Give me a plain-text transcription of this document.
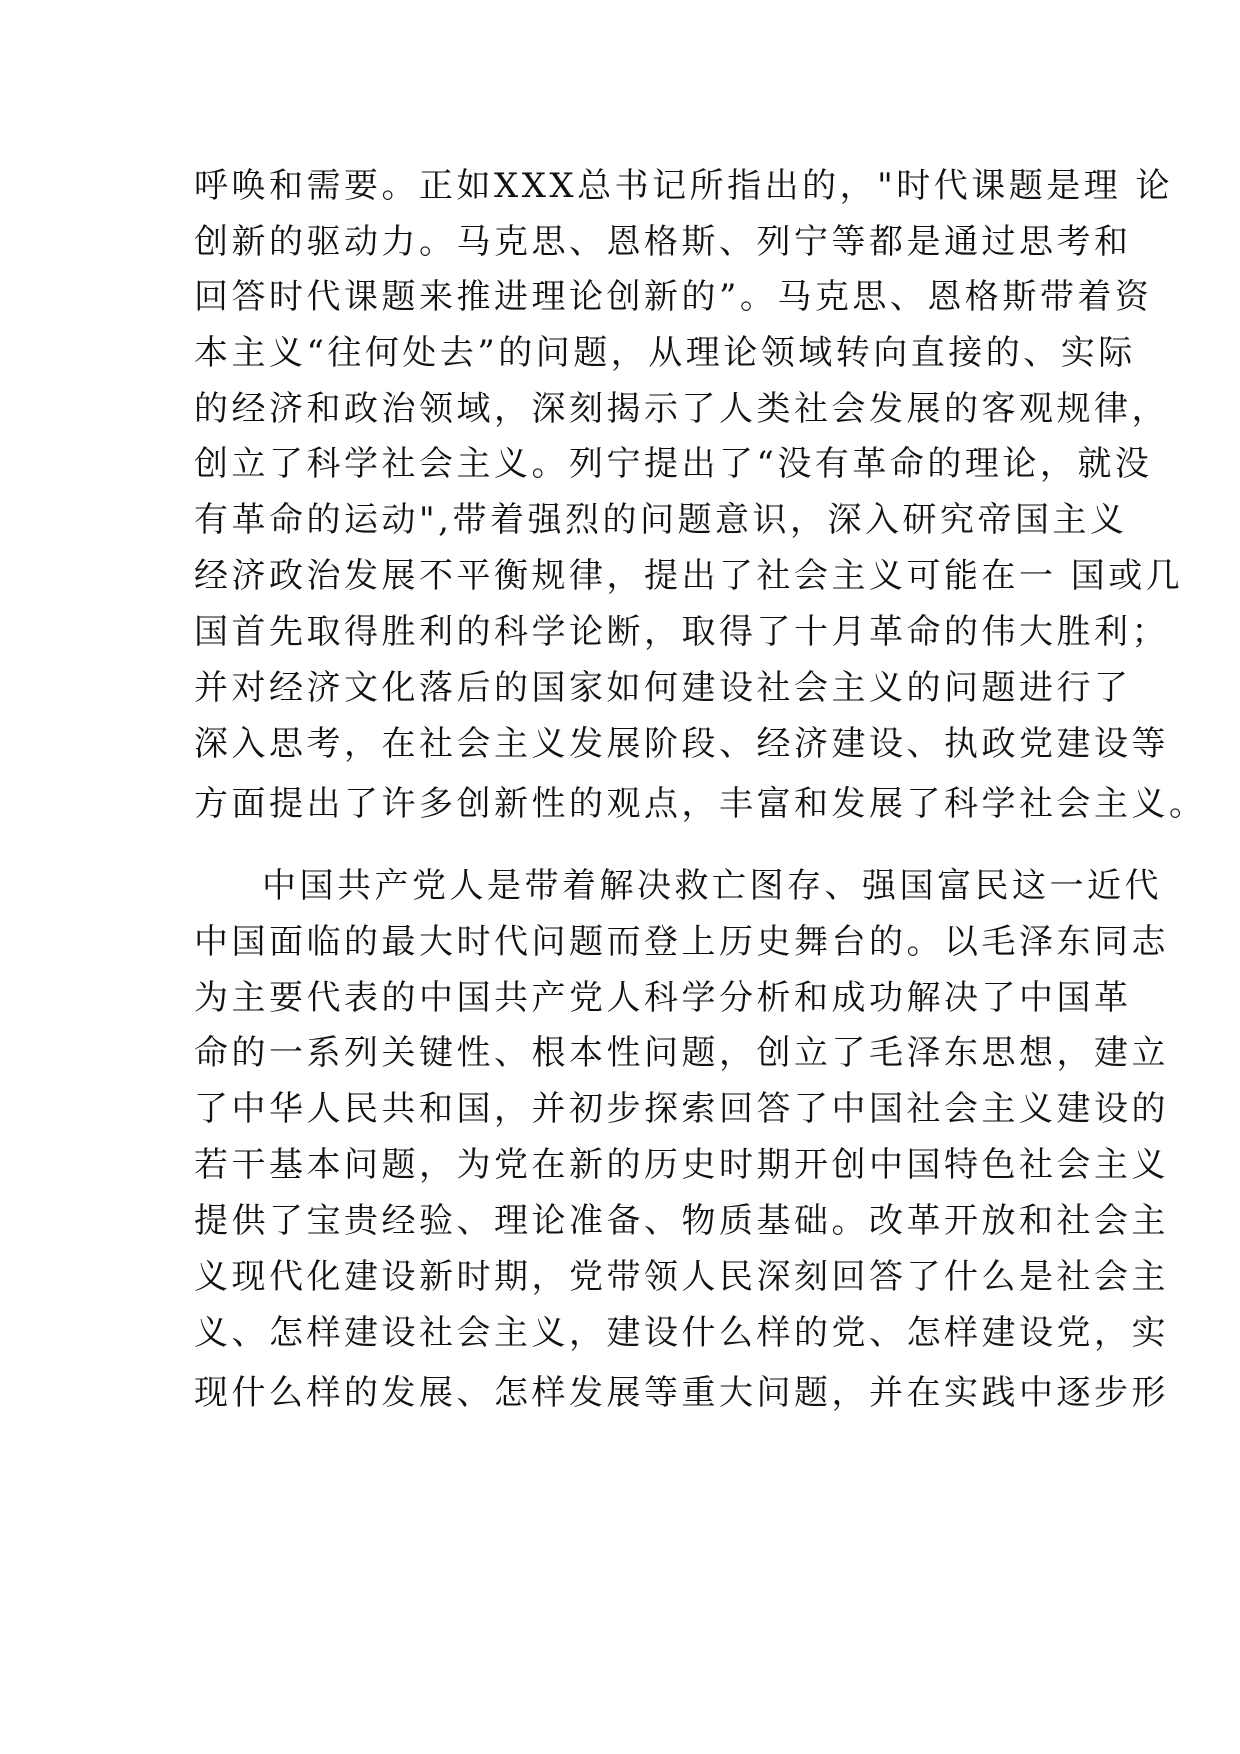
呼唤和需要。正如XXX总书记所指出的，"时代课题是理 论
创新的驱动力。马克思、恩格斯、列宁等都是通过思考和
回答时代课题来推进理论创新的”。马克思、恩格斯带着资
本主义“往何处去”的问题，从理论领域转向直接的、实际
的经济和政治领域，深刻揭示了人类社会发展的客观规律，
创立了科学社会主义。列宁提出了“没有革命的理论，就没
有革命的运动",带着强烈的问题意识，深入研究帝国主义
经济政治发展不平衡规律，提出了社会主义可能在一 国或几
国首先取得胜利的科学论断，取得了十月革命的伟大胜利；
并对经济文化落后的国家如何建设社会主义的问题进行了
深入思考，在社会主义发展阶段、经济建设、执政党建设等
方面提出了许多创新性的观点，丰富和发展了科学社会主义。
中国共产党人是带着解决救亡图存、强国富民这一近代
中国面临的最大时代问题而登上历史舞台的。以毛泽东同志
为主要代表的中国共产党人科学分析和成功解决了中国革
命的一系列关键性、根本性问题，创立了毛泽东思想，建立
了中华人民共和国，并初步探索回答了中国社会主义建设的
若干基本问题，为党在新的历史时期开创中国特色社会主义
提供了宝贵经验、理论准备、物质基础。改革开放和社会主
义现代化建设新时期，党带领人民深刻回答了什么是社会主
义、怎样建设社会主义，建设什么样的党、怎样建设党，实
现什么样的发展、怎样发展等重大问题，并在实践中逐步形
